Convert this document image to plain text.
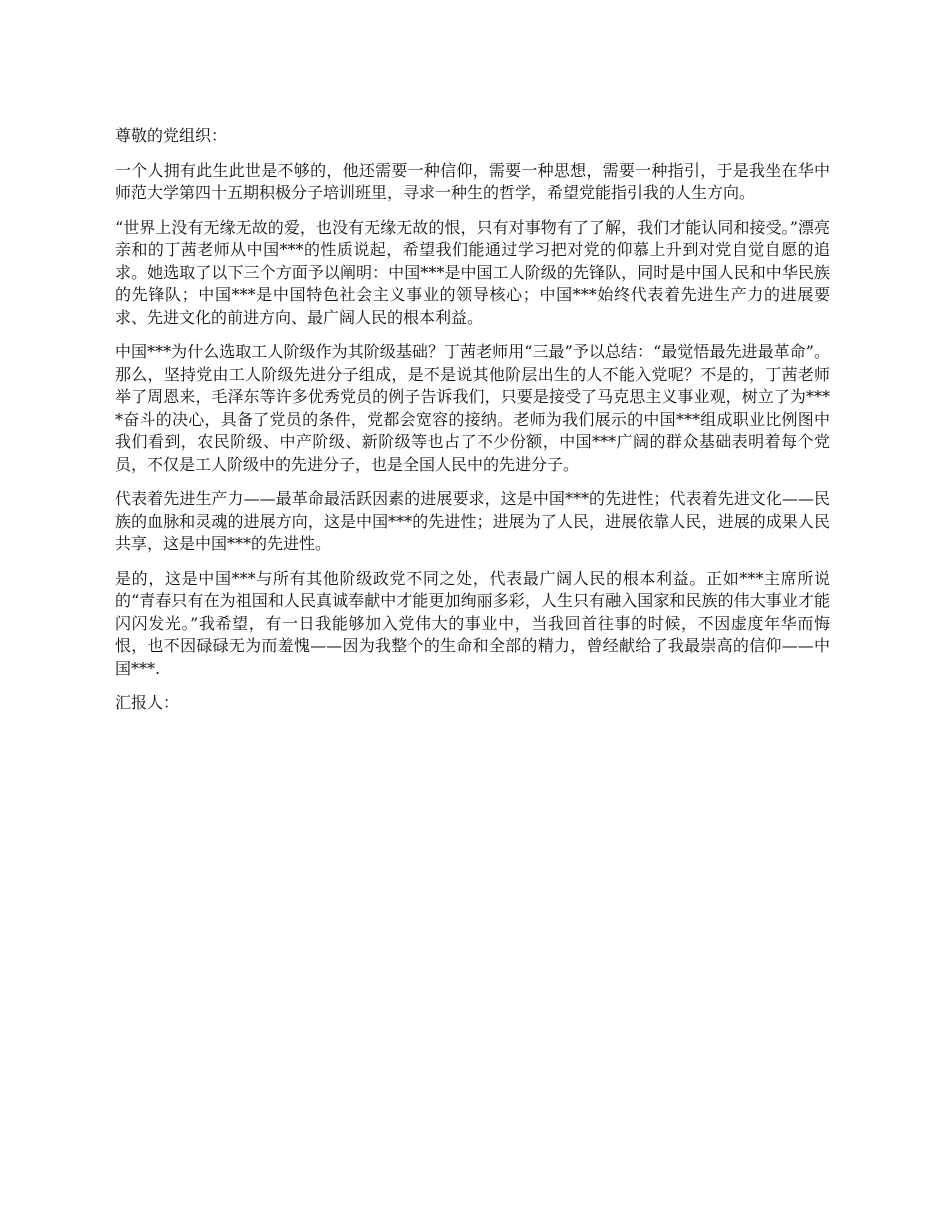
尊敬的党组织：

一个人拥有此生此世是不够的，他还需要一种信仰，需要一种思想，需要一种指引，于是我坐在华中师范大学第四十五期积极分子培训班里，寻求一种生的哲学，希望党能指引我的人生方向。

“世界上没有无缘无故的爱，也没有无缘无故的恨，只有对事物有了了解，我们才能认同和接受。”漂亮亲和的丁茜老师从中国***的性质说起，希望我们能通过学习把对党的仰慕上升到对党自觉自愿的追求。她选取了以下三个方面予以阐明：中国***是中国工人阶级的先锋队，同时是中国人民和中华民族的先锋队；中国***是中国特色社会主义事业的领导核心；中国***始终代表着先进生产力的进展要求、先进文化的前进方向、最广阔人民的根本利益。

中国***为什么选取工人阶级作为其阶级基础？丁茜老师用“三最”予以总结：“最觉悟最先进最革命”。那么，坚持党由工人阶级先进分子组成，是不是说其他阶层出生的人不能入党呢？不是的，丁茜老师举了周恩来，毛泽东等许多优秀党员的例子告诉我们，只要是接受了马克思主义事业观，树立了为****奋斗的决心，具备了党员的条件，党都会宽容的接纳。老师为我们展示的中国***组成职业比例图中我们看到，农民阶级、中产阶级、新阶级等也占了不少份额，中国***广阔的群众基础表明着每个党员，不仅是工人阶级中的先进分子，也是全国人民中的先进分子。

代表着先进生产力——最革命最活跃因素的进展要求，这是中国***的先进性；代表着先进文化——民族的血脉和灵魂的进展方向，这是中国***的先进性；进展为了人民，进展依靠人民，进展的成果人民共享，这是中国***的先进性。

是的，这是中国***与所有其他阶级政党不同之处，代表最广阔人民的根本利益。正如***主席所说的“青春只有在为祖国和人民真诚奉献中才能更加绚丽多彩，人生只有融入国家和民族的伟大事业才能闪闪发光。”我希望，有一日我能够加入党伟大的事业中，当我回首往事的时候，不因虚度年华而悔恨，也不因碌碌无为而羞愧——因为我整个的生命和全部的精力，曾经献给了我最崇高的信仰——中国***.

汇报人：
